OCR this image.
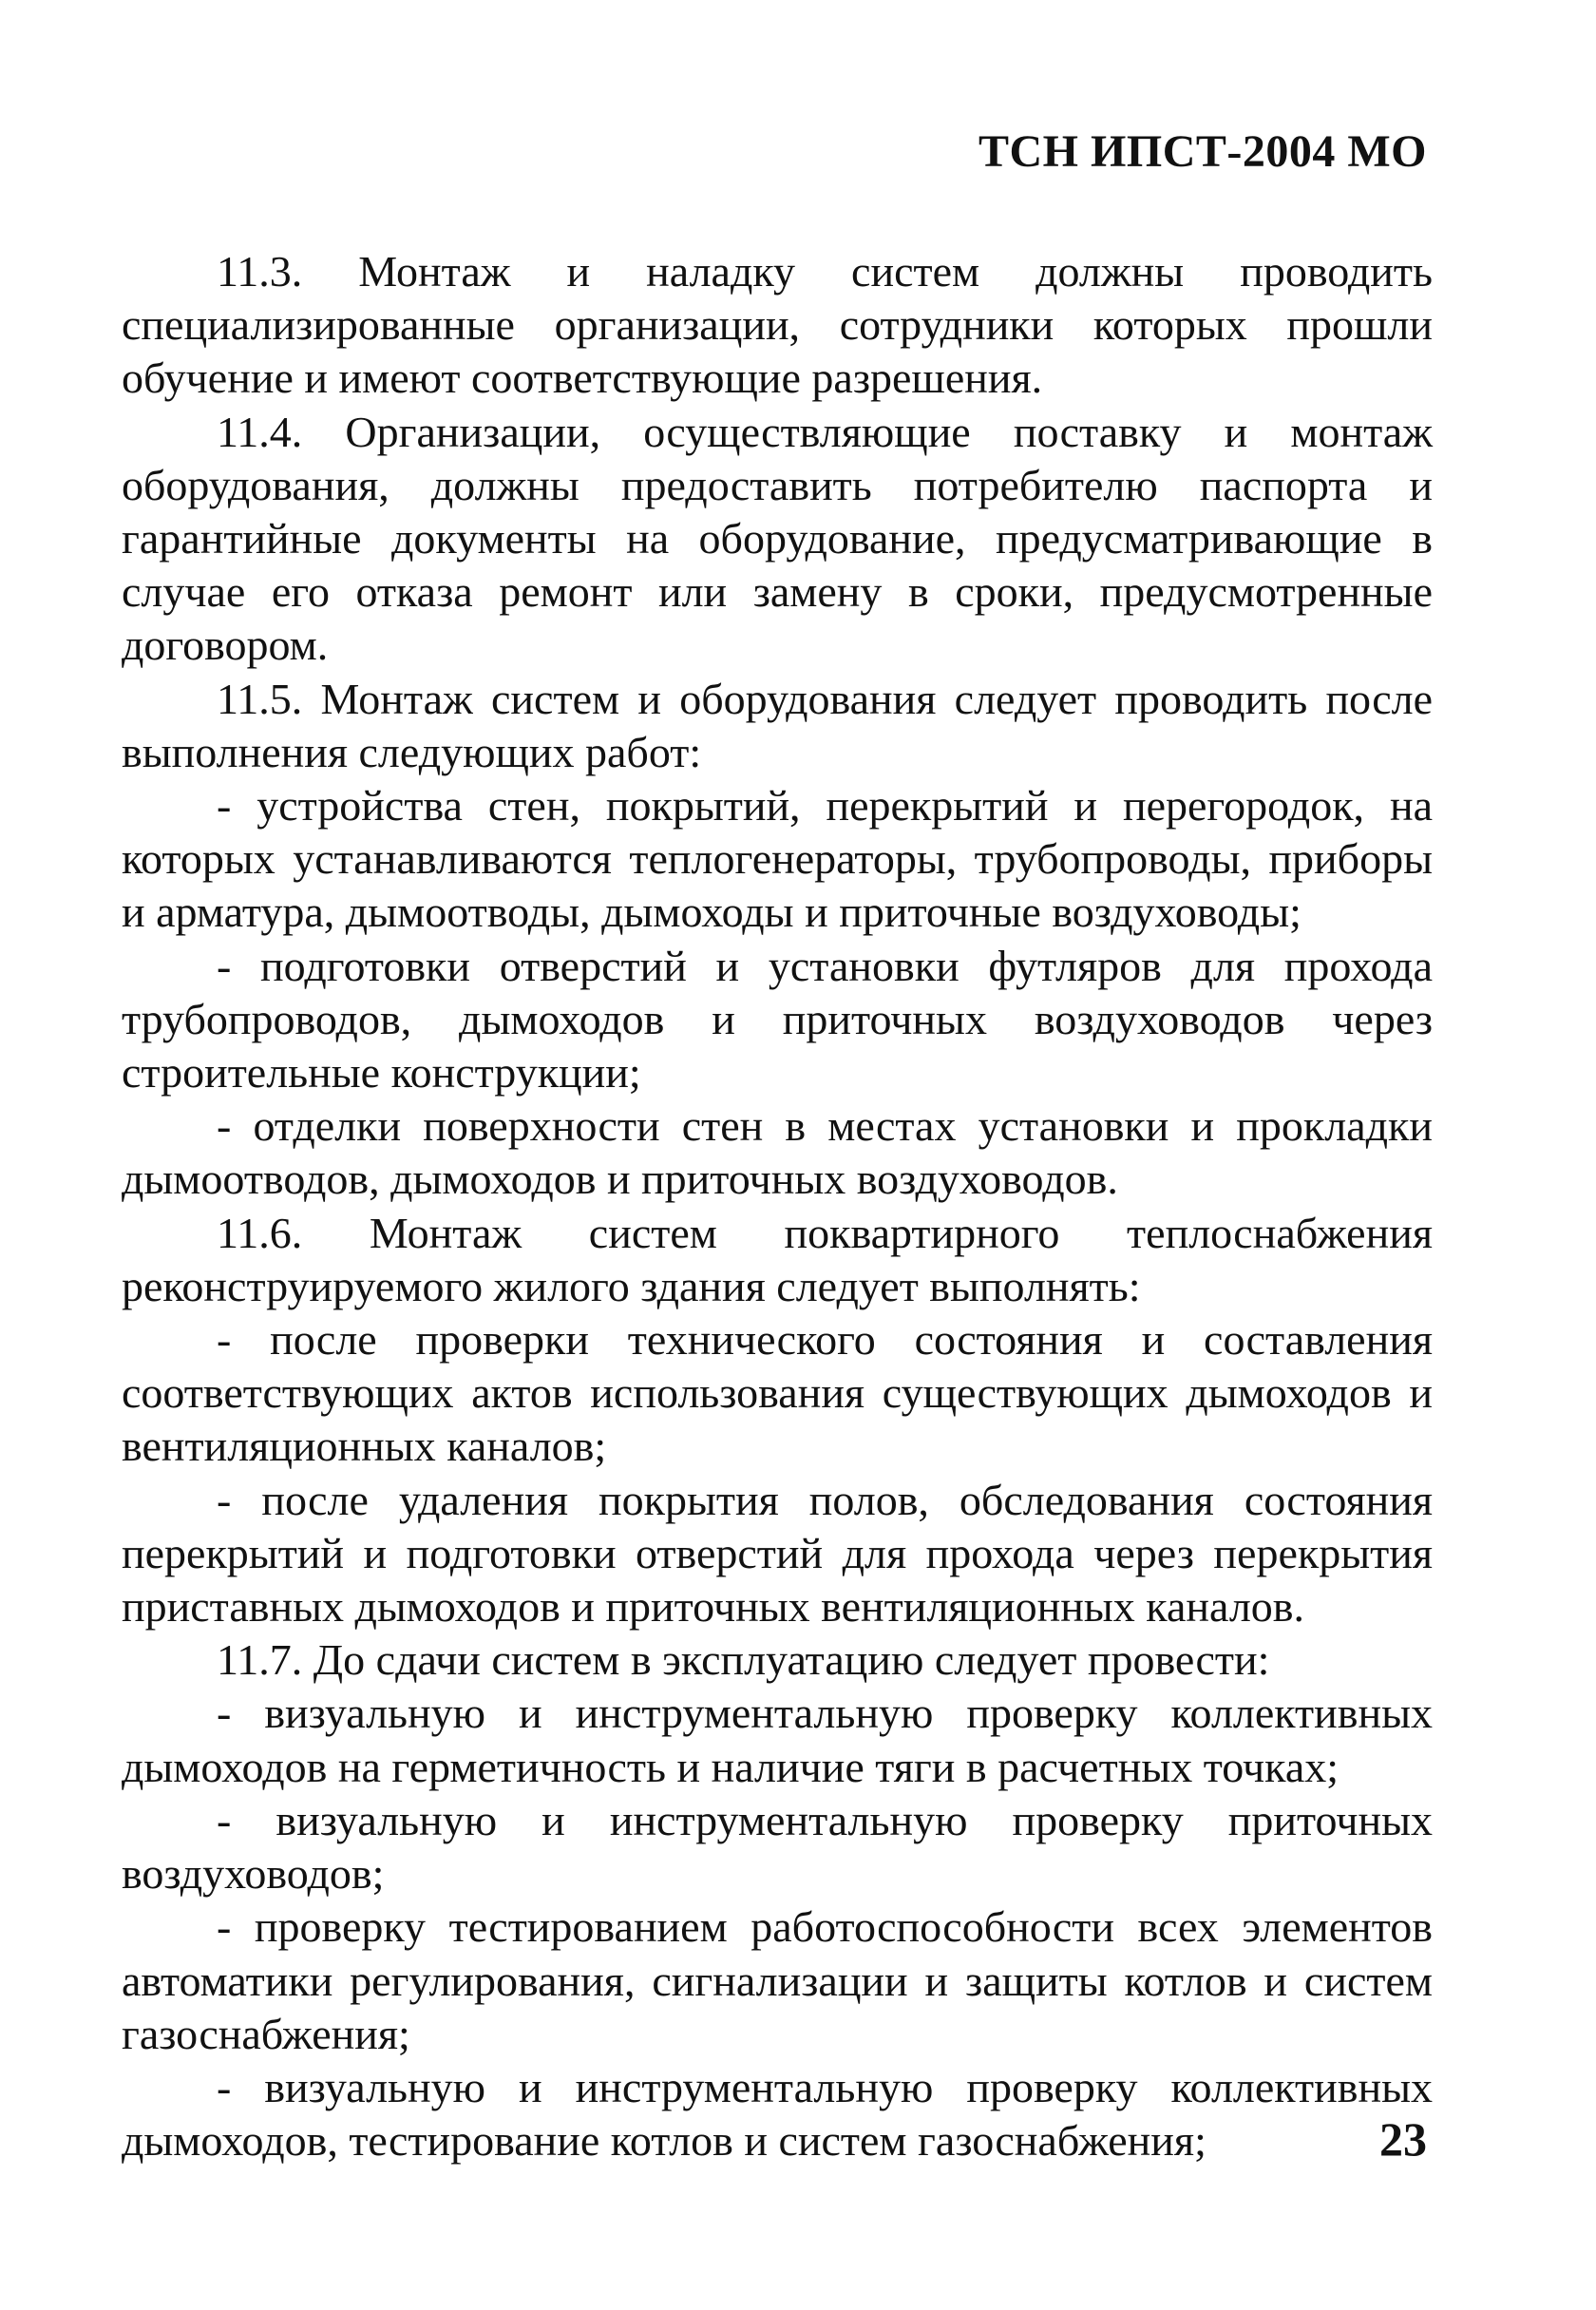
ТСН ИПСТ-2004 МО

11.3. Монтаж и наладку систем должны проводить специализированные организации, сотрудники которых прошли обучение и имеют соответствующие разрешения.

11.4. Организации, осуществляющие поставку и монтаж оборудования, должны предоставить потребителю паспорта и гарантийные документы на оборудование, предусматривающие в случае его отказа ремонт или замену в сроки, предусмотренные договором.

11.5. Монтаж систем и оборудования следует проводить после выполнения следующих работ:

- устройства стен, покрытий, перекрытий и перегородок, на которых устанавливаются теплогенераторы, трубопроводы, приборы и арматура, дымоотводы, дымоходы и приточные воздуховоды;

- подготовки отверстий и установки футляров для прохода трубопроводов, дымоходов и приточных воздуховодов через строительные конструкции;

- отделки поверхности стен в местах установки и прокладки дымоотводов, дымоходов и приточных воздуховодов.

11.6. Монтаж систем поквартирного теплоснабжения реконструируемого жилого здания следует выполнять:

- после проверки технического состояния и составления соответствующих актов использования существующих дымоходов и вентиляционных каналов;

- после удаления покрытия полов, обследования состояния перекрытий и подготовки отверстий для прохода через перекрытия приставных дымоходов и приточных вентиляционных каналов.

11.7. До сдачи систем в эксплуатацию следует провести:

- визуальную и инструментальную проверку коллективных дымоходов на герметичность и наличие тяги в расчетных точках;

- визуальную и инструментальную проверку приточных воздуховодов;

- проверку тестированием работоспособности всех элементов автоматики регулирования, сигнализации и защиты котлов и систем газоснабжения;

- визуальную и инструментальную проверку коллективных дымоходов, тестирование котлов и систем газоснабжения;	23
